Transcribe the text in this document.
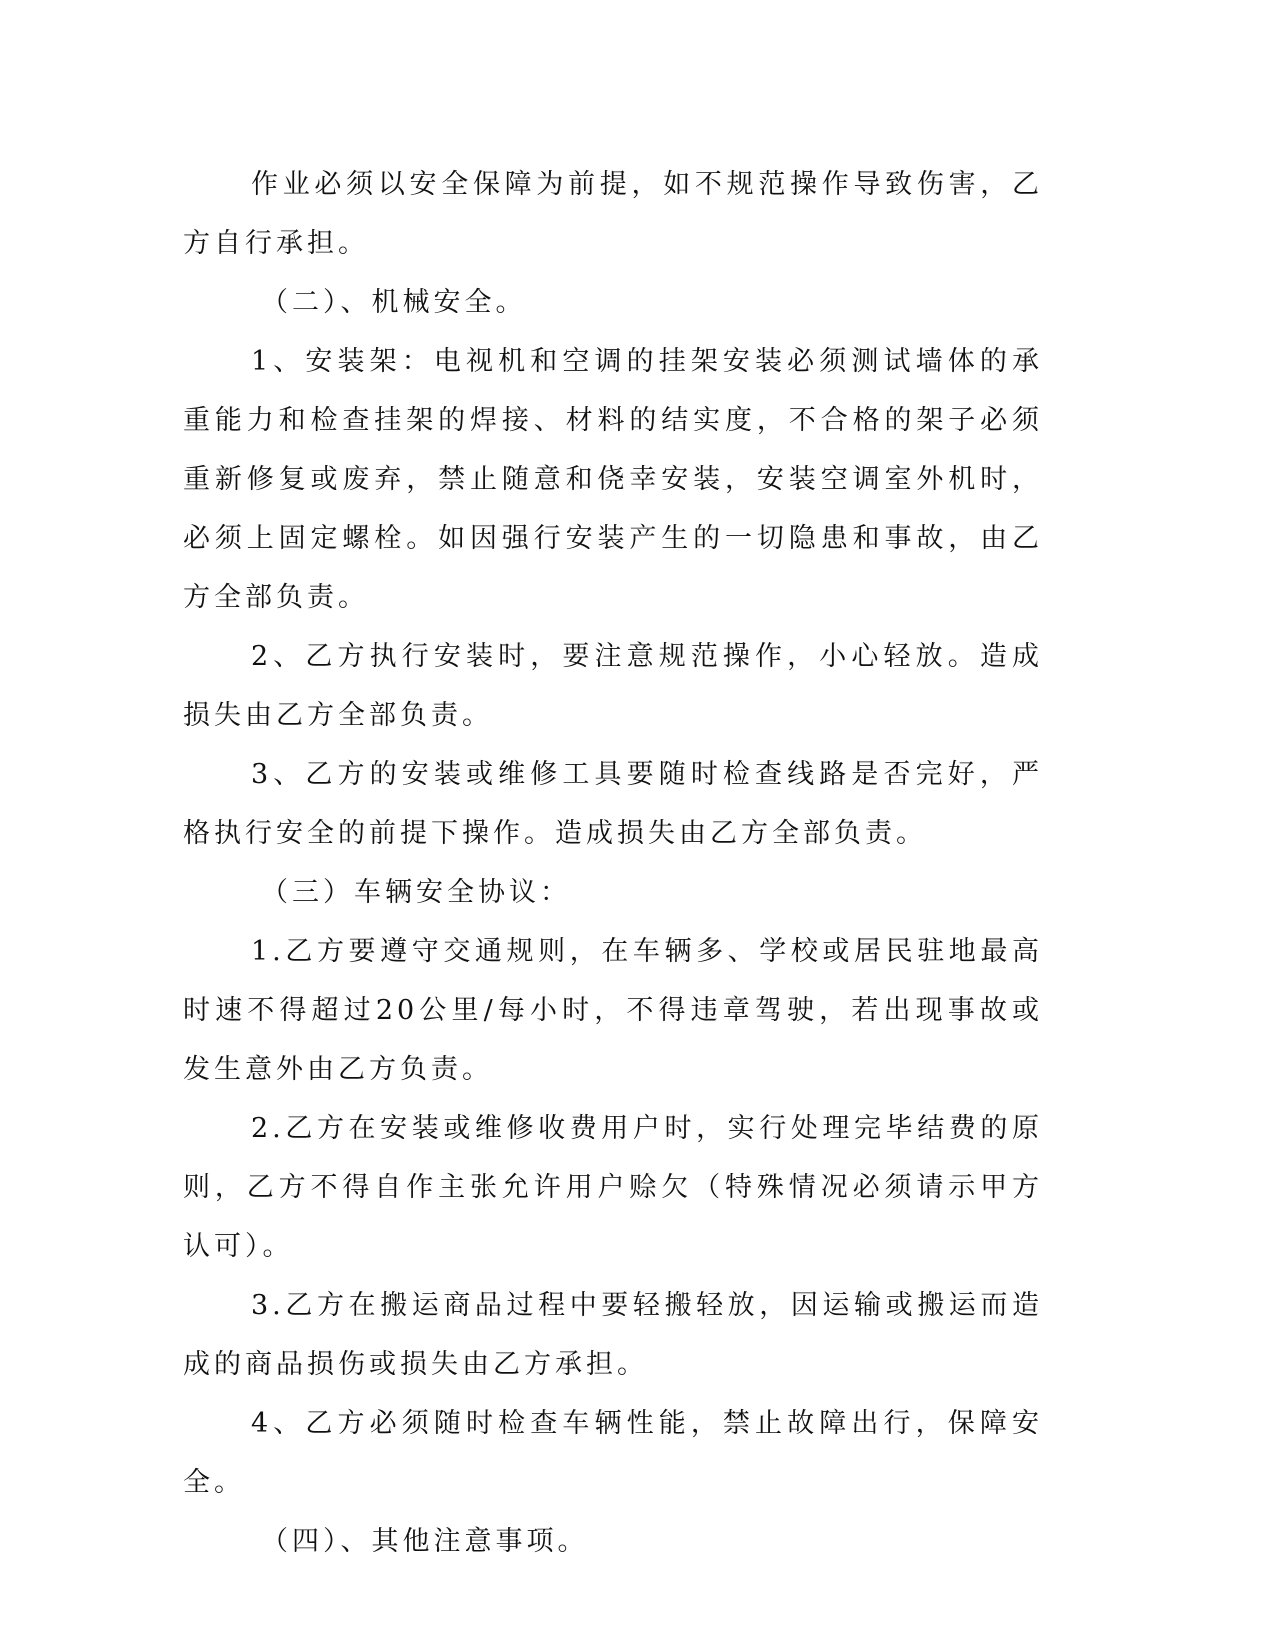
作业必须以安全保障为前提，如不规范操作导致伤害，乙方自行承担。

（二）、机械安全。

1、安装架：电视机和空调的挂架安装必须测试墙体的承重能力和检查挂架的焊接、材料的结实度，不合格的架子必须重新修复或废弃，禁止随意和侥幸安装，安装空调室外机时，必须上固定螺栓。如因强行安装产生的一切隐患和事故，由乙方全部负责。

2、乙方执行安装时，要注意规范操作，小心轻放。造成损失由乙方全部负责。

3、乙方的安装或维修工具要随时检查线路是否完好，严格执行安全的前提下操作。造成损失由乙方全部负责。

（三）车辆安全协议：

1.乙方要遵守交通规则，在车辆多、学校或居民驻地最高时速不得超过20公里/每小时，不得违章驾驶，若出现事故或发生意外由乙方负责。

2.乙方在安装或维修收费用户时，实行处理完毕结费的原则，乙方不得自作主张允许用户赊欠（特殊情况必须请示甲方认可）。

3.乙方在搬运商品过程中要轻搬轻放，因运输或搬运而造成的商品损伤或损失由乙方承担。

4、乙方必须随时检查车辆性能，禁止故障出行，保障安全。

（四）、其他注意事项。
